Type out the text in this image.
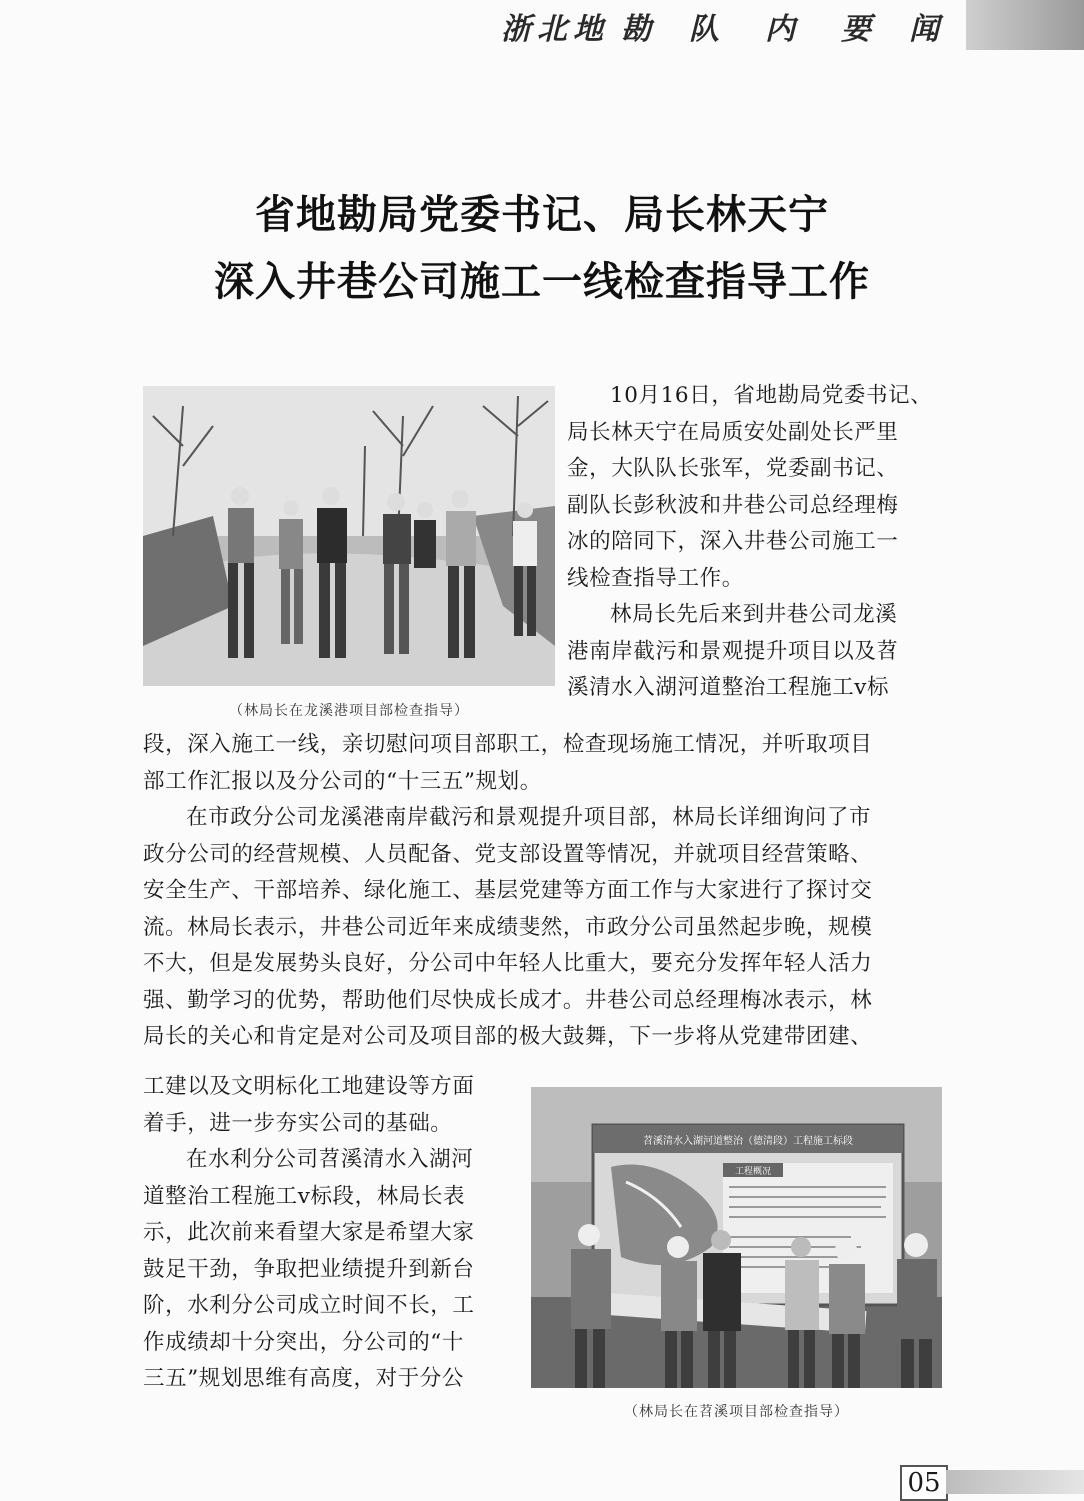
浙 北 地 勘	队	内	要	闻
省地勘局党委书记、局长林天宁
深入井巷公司施工一线检查指导工作
（林局长在龙溪港项目部检查指导）

10月16日，省地勘局党委书记、

局长林天宁在局质安处副处长严里

金，大队队长张军，党委副书记、

副队长彭秋波和井巷公司总经理梅

冰的陪同下，深入井巷公司施工一

线检查指导工作。

林局长先后来到井巷公司龙溪

港南岸截污和景观提升项目以及苕

溪清水入湖河道整治工程施工ⅴ标

段，深入施工一线，亲切慰问项目部职工，检查现场施工情况，并听取项目

部工作汇报以及分公司的“十三五”规划。

在市政分公司龙溪港南岸截污和景观提升项目部，林局长详细询问了市

政分公司的经营规模、人员配备、党支部设置等情况，并就项目经营策略、

安全生产、干部培养、绿化施工、基层党建等方面工作与大家进行了探讨交

流。林局长表示，井巷公司近年来成绩斐然，市政分公司虽然起步晚，规模

不大，但是发展势头良好，分公司中年轻人比重大，要充分发挥年轻人活力

强、勤学习的优势，帮助他们尽快成长成才。井巷公司总经理梅冰表示，林

局长的关心和肯定是对公司及项目部的极大鼓舞，下一步将从党建带团建、

工建以及文明标化工地建设等方面

着手，进一步夯实公司的基础。

在水利分公司苕溪清水入湖河

道整治工程施工ⅴ标段，林局长表

示，此次前来看望大家是希望大家

鼓足干劲，争取把业绩提升到新台

阶，水利分公司成立时间不长，工

作成绩却十分突出，分公司的“十

三五”规划思维有高度，对于分公

苕溪清水入湖河道整治（德清段）工程施工标段
工程概况
（林局长在苕溪项目部检查指导）
05
